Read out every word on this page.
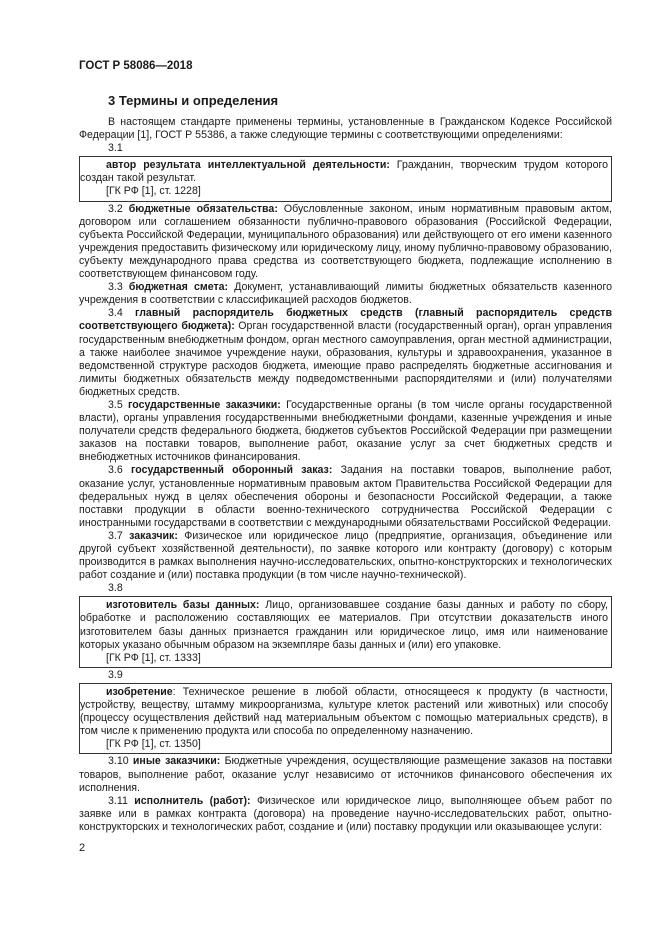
ГОСТ Р 58086—2018
3 Термины и определения

В настоящем стандарте применены термины, установленные в Гражданском Кодексе Российской Федерации [1], ГОСТ Р 55386, а также следующие термины с соответствующими определениями:

3.1

автор результата интеллектуальной деятельности: Гражданин, творческим трудом которого создан такой результат.

[ГК РФ [1], ст. 1228]

3.2 бюджетные обязательства: Обусловленные законом, иным нормативным правовым актом, договором или соглашением обязанности публично-правового образования (Российской Федерации, субъекта Российской Федерации, муниципального образования) или действующего от его имени казенного учреждения предоставить физическому или юридическому лицу, иному публично-правовому образованию, субъекту международного права средства из соответствующего бюджета, подлежащие исполнению в соответствующем финансовом году.

3.3 бюджетная смета: Документ, устанавливающий лимиты бюджетных обязательств казенного учреждения в соответствии с классификацией расходов бюджетов.

3.4 главный распорядитель бюджетных средств (главный распорядитель средств соответствующего бюджета): Орган государственной власти (государственный орган), орган управления государственным внебюджетным фондом, орган местного самоуправления, орган местной администрации, а также наиболее значимое учреждение науки, образования, культуры и здравоохранения, указанное в ведомственной структуре расходов бюджета, имеющие право распределять бюджетные ассигнования и лимиты бюджетных обязательств между подведомственными распорядителями и (или) получателями бюджетных средств.

3.5 государственные заказчики: Государственные органы (в том числе органы государственной власти), органы управления государственными внебюджетными фондами, казенные учреждения и иные получатели средств федерального бюджета, бюджетов субъектов Российской Федерации при размещении заказов на поставки товаров, выполнение работ, оказание услуг за счет бюджетных средств и внебюджетных источников финансирования.

3.6 государственный оборонный заказ: Задания на поставки товаров, выполнение работ, оказание услуг, установленные нормативным правовым актом Правительства Российской Федерации для федеральных нужд в целях обеспечения обороны и безопасности Российской Федерации, а также поставки продукции в области военно-технического сотрудничества Российской Федерации с иностранными государствами в соответствии с международными обязательствами Российской Федерации.

3.7 заказчик: Физическое или юридическое лицо (предприятие, организация, объединение или другой субъект хозяйственной деятельности), по заявке которого или контракту (договору) с которым производится в рамках выполнения научно-исследовательских, опытно-конструкторских и технологических работ создание и (или) поставка продукции (в том числе научно-технической).

3.8

изготовитель базы данных: Лицо, организовавшее создание базы данных и работу по сбору, обработке и расположению составляющих ее материалов. При отсутствии доказательств иного изготовителем базы данных признается гражданин или юридическое лицо, имя или наименование которых указано обычным образом на экземпляре базы данных и (или) его упаковке.

[ГК РФ [1], ст. 1333]

3.9

изобретение: Техническое решение в любой области, относящееся к продукту (в частности, устройству, веществу, штамму микроорганизма, культуре клеток растений или животных) или способу (процессу осуществления действий над материальным объектом с помощью материальных средств), в том числе к применению продукта или способа по определенному назначению.

[ГК РФ [1], ст. 1350]

3.10 иные заказчики: Бюджетные учреждения, осуществляющие размещение заказов на поставки товаров, выполнение работ, оказание услуг независимо от источников финансового обеспечения их исполнения.

3.11 исполнитель (работ): Физическое или юридическое лицо, выполняющее объем работ по заявке или в рамках контракта (договора) на проведение научно-исследовательских работ, опытно-конструкторских и технологических работ, создание и (или) поставку продукции или оказывающее услуги:

2
